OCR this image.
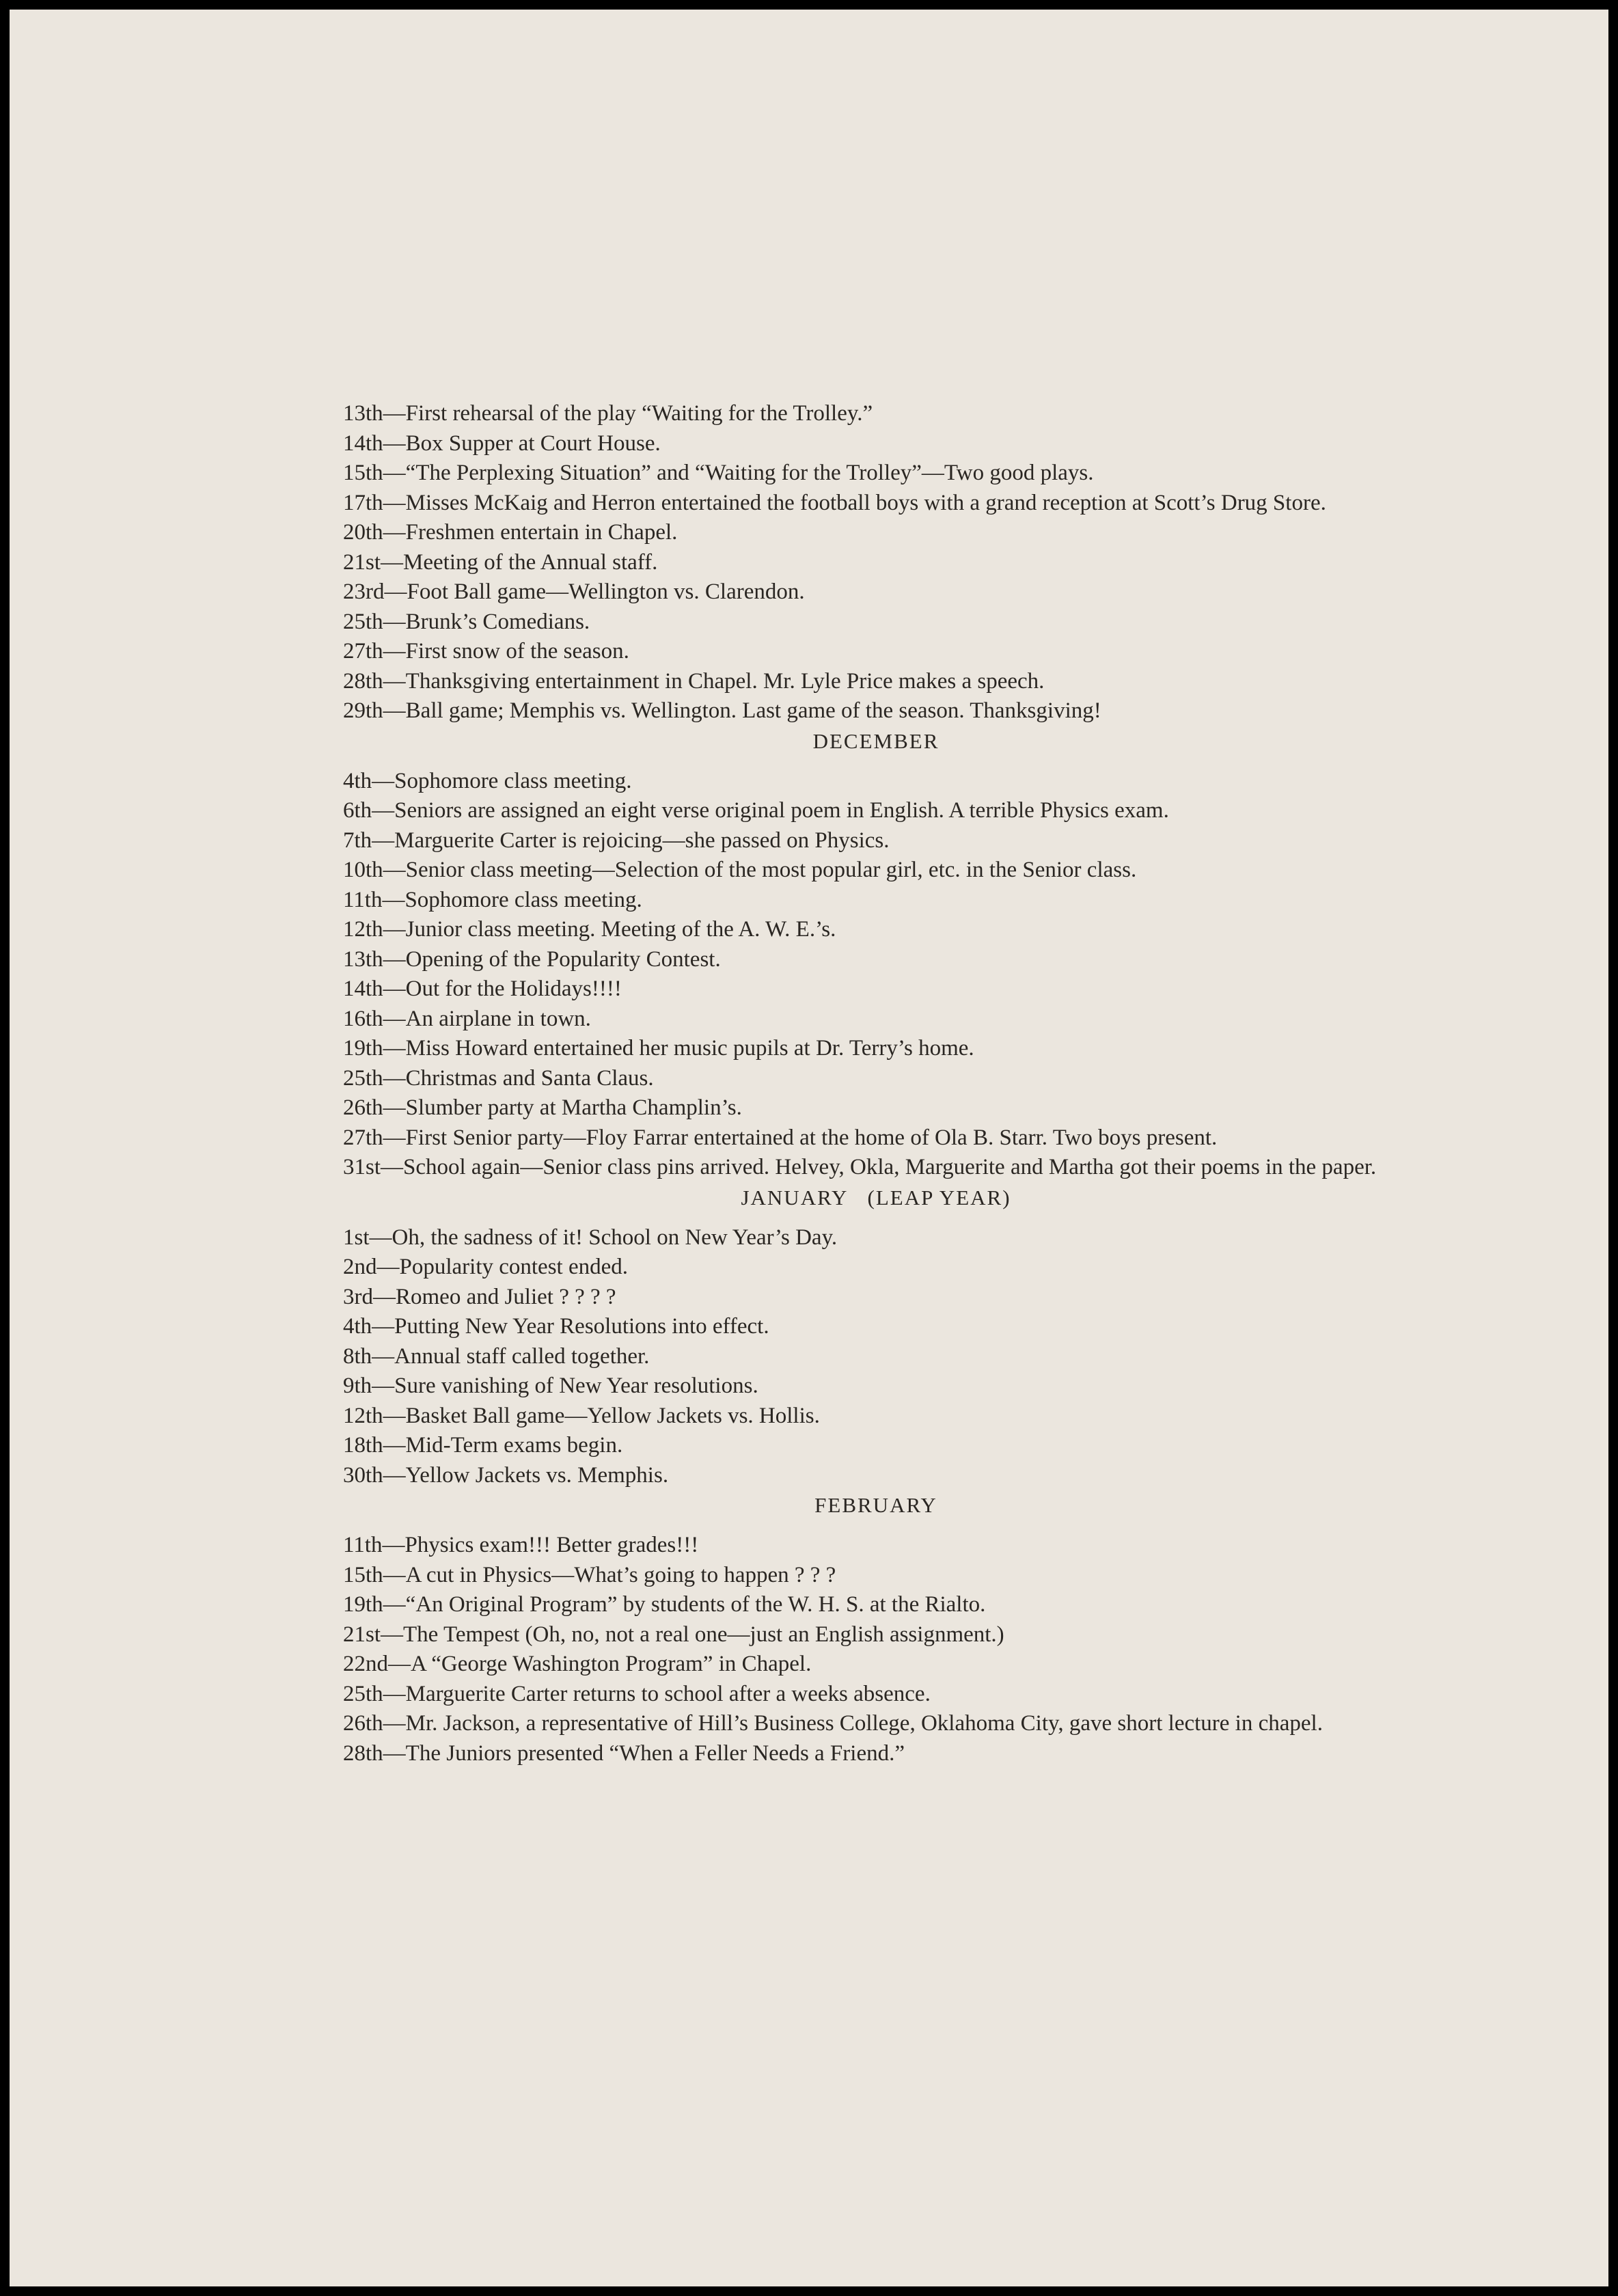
13th—First rehearsal of the play “Waiting for the Trolley.”

14th—Box Supper at Court House.

15th—“The Perplexing Situation” and “Waiting for the Trolley”—Two good plays.

17th—Misses McKaig and Herron entertained the football boys with a grand reception at Scott’s Drug Store.

20th—Freshmen entertain in Chapel.

21st—Meeting of the Annual staff.

23rd—Foot Ball game—Wellington vs. Clarendon.

25th—Brunk’s Comedians.

27th—First snow of the season.

28th—Thanksgiving entertainment in Chapel. Mr. Lyle Price makes a speech.

29th—Ball game; Memphis vs. Wellington. Last game of the season. Thanksgiving!

DECEMBER

4th—Sophomore class meeting.

6th—Seniors are assigned an eight verse original poem in English. A terrible Physics exam.

7th—Marguerite Carter is rejoicing—she passed on Physics.

10th—Senior class meeting—Selection of the most popular girl, etc. in the Senior class.

11th—Sophomore class meeting.

12th—Junior class meeting. Meeting of the A. W. E.’s.

13th—Opening of the Popularity Contest.

14th—Out for the Holidays!!!!

16th—An airplane in town.

19th—Miss Howard entertained her music pupils at Dr. Terry’s home.

25th—Christmas and Santa Claus.

26th—Slumber party at Martha Champlin’s.

27th—First Senior party—Floy Farrar entertained at the home of Ola B. Starr. Two boys present.

31st—School again—Senior class pins arrived. Helvey, Okla, Marguerite and Martha got their poems in the paper.

JANUARY   (LEAP YEAR)

1st—Oh, the sadness of it! School on New Year’s Day.

2nd—Popularity contest ended.

3rd—Romeo and Juliet ? ? ? ?

4th—Putting New Year Resolutions into effect.

8th—Annual staff called together.

9th—Sure vanishing of New Year resolutions.

12th—Basket Ball game—Yellow Jackets vs. Hollis.

18th—Mid-Term exams begin.

30th—Yellow Jackets vs. Memphis.

FEBRUARY

11th—Physics exam!!! Better grades!!!

15th—A cut in Physics—What’s going to happen ? ? ?

19th—“An Original Program” by students of the W. H. S. at the Rialto.

21st—The Tempest (Oh, no, not a real one—just an English assignment.)

22nd—A “George Washington Program” in Chapel.

25th—Marguerite Carter returns to school after a weeks absence.

26th—Mr. Jackson, a representative of Hill’s Business College, Oklahoma City, gave short lecture in chapel.

28th—The Juniors presented “When a Feller Needs a Friend.”
